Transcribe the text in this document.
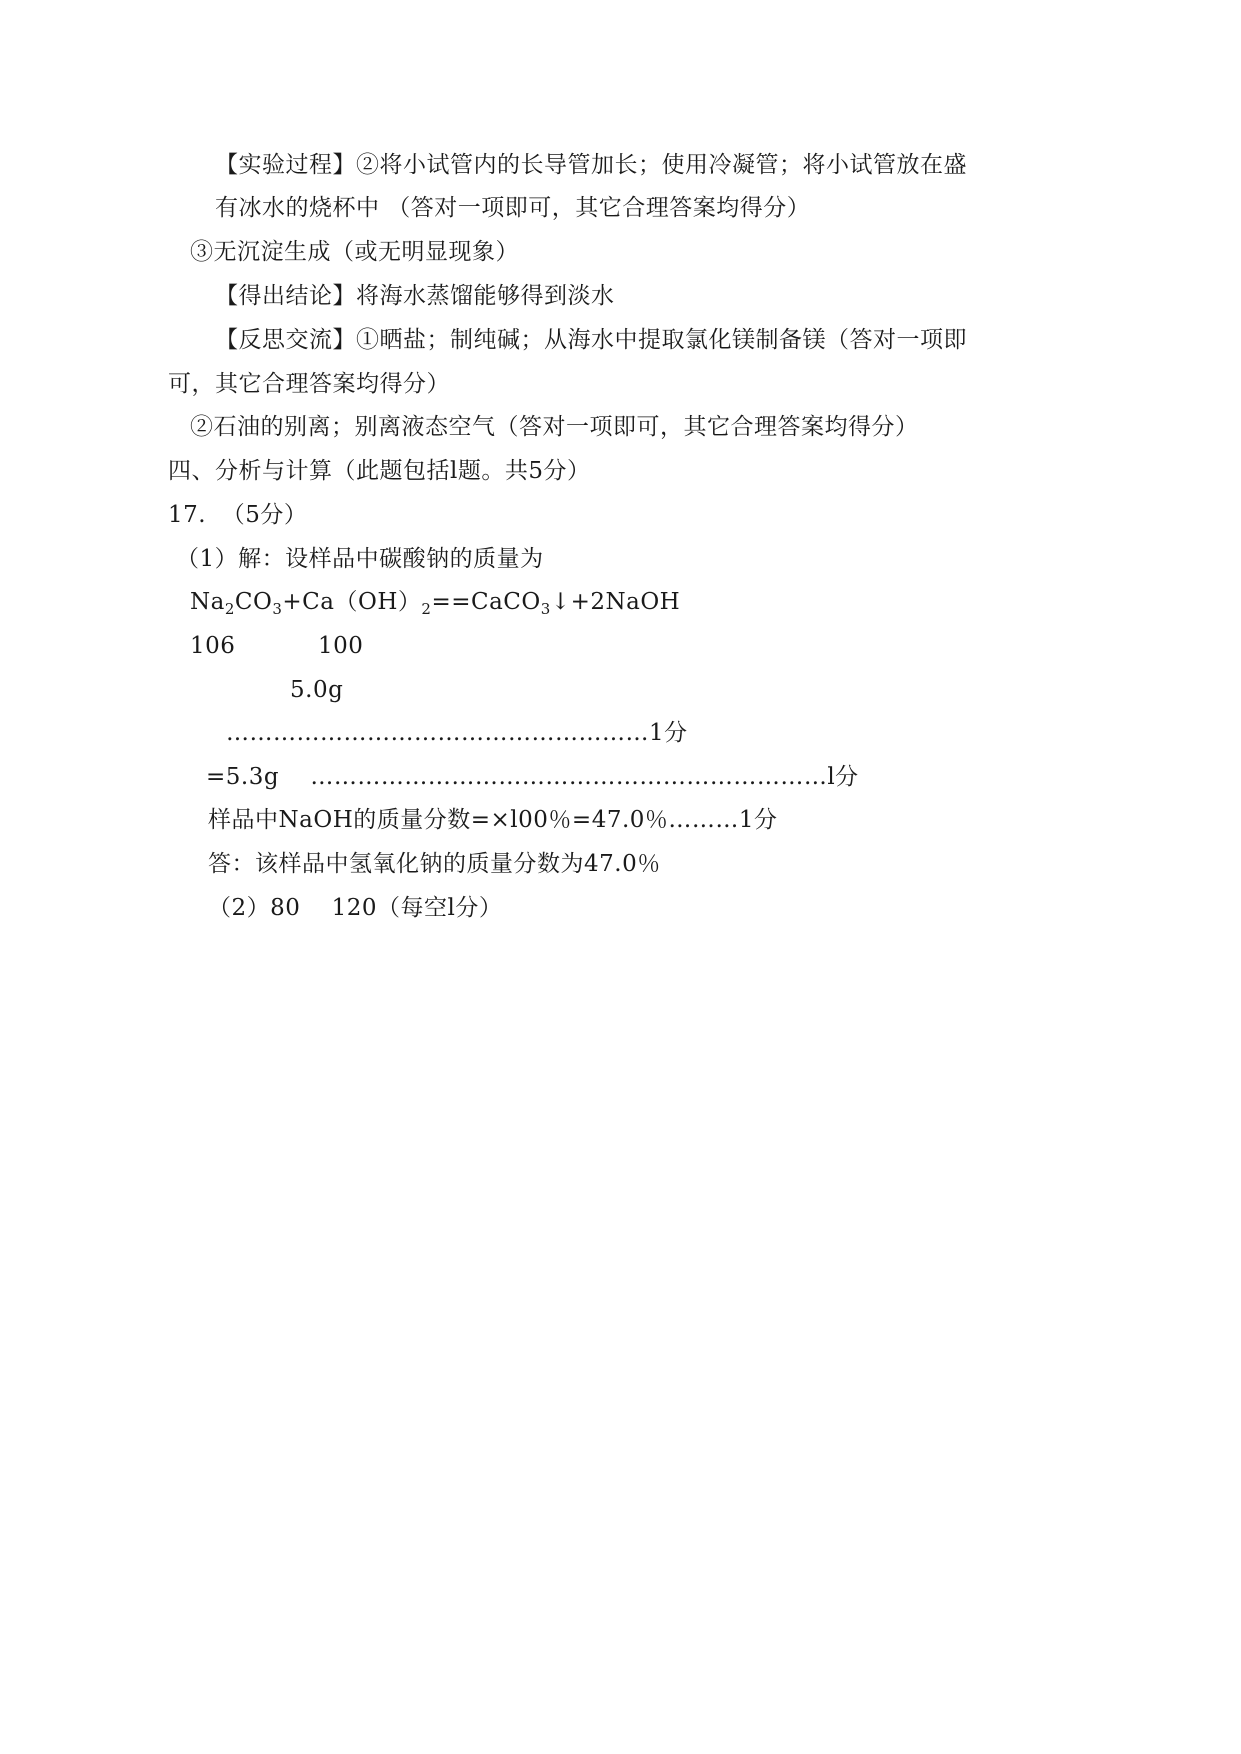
【实验过程】②将小试管内的长导管加长；使用冷凝管；将小试管放在盛
有冰水的烧杯中 （答对一项即可，其它合理答案均得分）
③无沉淀生成（或无明显现象）
【得出结论】将海水蒸馏能够得到淡水
【反思交流】①晒盐；制纯碱；从海水中提取氯化镁制备镁（答对一项即
可，其它合理答案均得分）
②石油的别离；别离液态空气（答对一项即可，其它合理答案均得分）
四、分析与计算（此题包括l题。共5分）
17.  （5分）
（1）解：设样品中碳酸钠的质量为
$Na_2CO_3+Ca(OH)_2==CaCO_3↓+2NaOH$
106	100
5.0g
………………………………………………1分
=5.3g    …………………………………………………………l分
样品中NaOH的质量分数=×l00％=47.0％………1分
答：该样品中氢氧化钠的质量分数为47.0％
（2）80    120（每空l分）
